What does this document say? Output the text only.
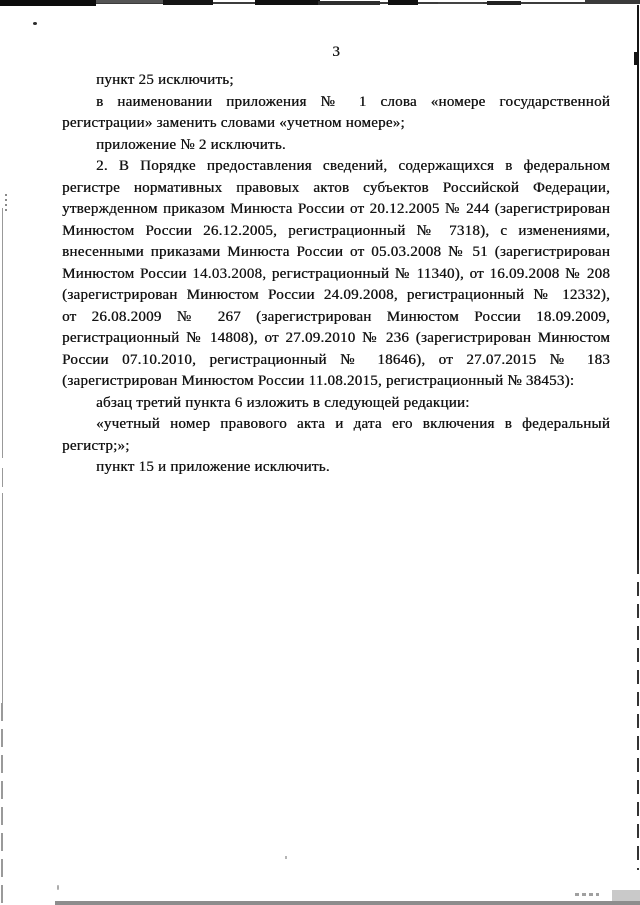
3
пункт 25 исключить;
в наименовании приложения № 1 слова «номере государственной
регистрации» заменить словами «учетном номере»;
приложение № 2 исключить.
2. В Порядке предоставления сведений, содержащихся в федеральном
регистре нормативных правовых актов субъектов Российской Федерации,
утвержденном приказом Минюста России от 20.12.2005 № 244 (зарегистрирован
Минюстом России 26.12.2005, регистрационный № 7318), с изменениями,
внесенными приказами Минюста России от 05.03.2008 № 51 (зарегистрирован
Минюстом России 14.03.2008, регистрационный № 11340), от 16.09.2008 № 208
(зарегистрирован Минюстом России 24.09.2008, регистрационный № 12332),
от 26.08.2009 № 267 (зарегистрирован Минюстом России 18.09.2009,
регистрационный № 14808), от 27.09.2010 № 236 (зарегистрирован Минюстом
России 07.10.2010, регистрационный № 18646), от 27.07.2015 № 183
(зарегистрирован Минюстом России 11.08.2015, регистрационный № 38453):
абзац третий пункта 6 изложить в следующей редакции:
«учетный номер правового акта и дата его включения в федеральный
регистр;»;
пункт 15 и приложение исключить.
